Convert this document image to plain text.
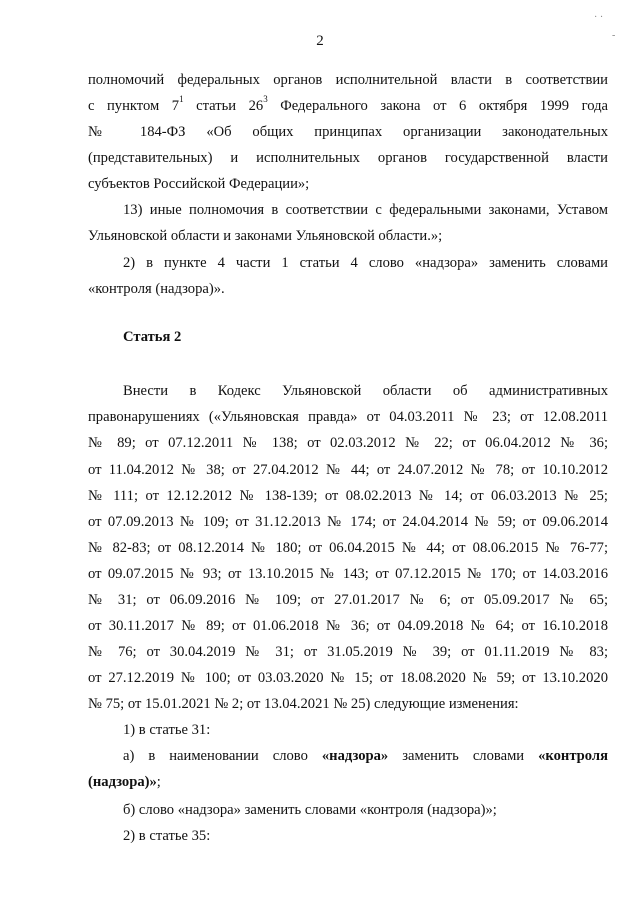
· ·
-
2
полномочий федеральных органов исполнительной власти в соответствии
с пунктом $7^1$ статьи $26^3$ Федерального закона от 6 октября 1999 года
№ 184-ФЗ «Об общих принципах организации законодательных
(представительных) и исполнительных органов государственной власти
субъектов Российской Федерации»;
13) иные полномочия в соответствии с федеральными законами, Уставом
Ульяновской области и законами Ульяновской области.»;
2) в пункте 4 части 1 статьи 4 слово «надзора» заменить словами
«контроля (надзора)».
Статья 2
Внести в Кодекс Ульяновской области об административных
правонарушениях («Ульяновская правда» от 04.03.2011 № 23; от 12.08.2011
№ 89; от 07.12.2011 № 138; от 02.03.2012 № 22; от 06.04.2012 № 36;
от 11.04.2012 № 38; от 27.04.2012 № 44; от 24.07.2012 № 78; от 10.10.2012
№ 111; от 12.12.2012 № 138-139; от 08.02.2013 № 14; от 06.03.2013 № 25;
от 07.09.2013 № 109; от 31.12.2013 № 174; от 24.04.2014 № 59; от 09.06.2014
№ 82-83; от 08.12.2014 № 180; от 06.04.2015 № 44; от 08.06.2015 № 76-77;
от 09.07.2015 № 93; от 13.10.2015 № 143; от 07.12.2015 № 170; от 14.03.2016
№ 31; от 06.09.2016 № 109; от 27.01.2017 № 6; от 05.09.2017 № 65;
от 30.11.2017 № 89; от 01.06.2018 № 36; от 04.09.2018 № 64; от 16.10.2018
№ 76; от 30.04.2019 № 31; от 31.05.2019 № 39; от 01.11.2019 № 83;
от 27.12.2019 № 100; от 03.03.2020 № 15; от 18.08.2020 № 59; от 13.10.2020
№ 75; от 15.01.2021 № 2; от 13.04.2021 № 25) следующие изменения:
1) в статье 31:
а) в наименовании слово «надзора» заменить словами «контроля
(надзора)»;
б) слово «надзора» заменить словами «контроля (надзора)»;
2) в статье 35:
